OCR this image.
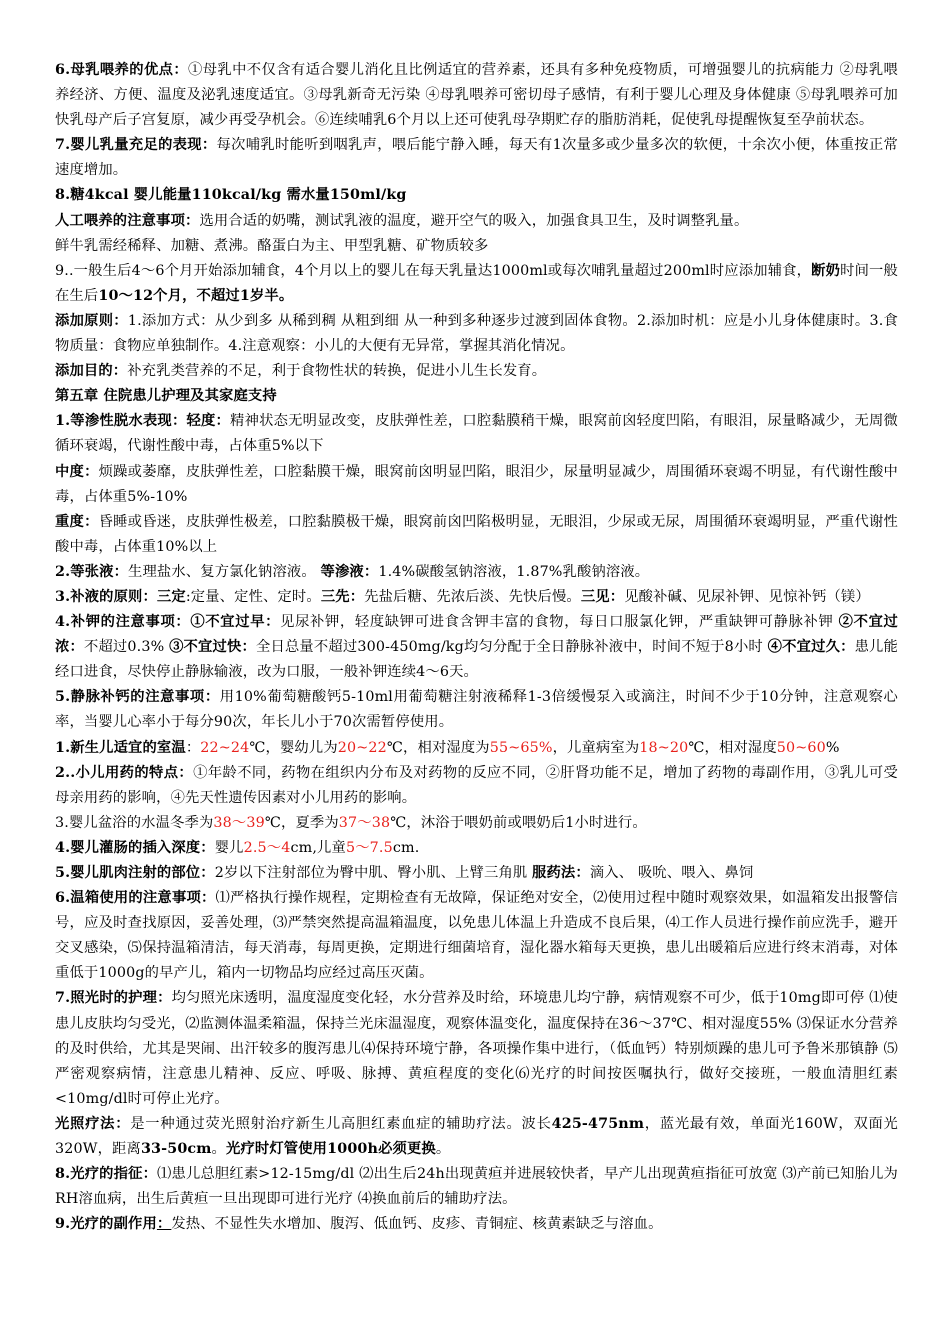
6.母乳喂养的优点：①母乳中不仅含有适合婴儿消化且比例适宜的营养素，还具有多种免疫物质，可增强婴儿的抗病能力 ②母乳喂养经济、方便、温度及泌乳速度适宜。③母乳新奇无污染 ④母乳喂养可密切母子感情，有利于婴儿心理及身体健康 ⑤母乳喂养可加快乳母产后子宫复原，减少再受孕机会。⑥连续哺乳6个月以上还可使乳母孕期贮存的脂肪消耗，促使乳母提醒恢复至孕前状态。
7.婴儿乳量充足的表现：每次哺乳时能听到咽乳声，喂后能宁静入睡，每天有1次量多或少量多次的软便，十余次小便，体重按正常速度增加。
8.糖4kcal 婴儿能量110kcal/kg 需水量150ml/kg
人工喂养的注意事项：选用合适的奶嘴，测试乳液的温度，避开空气的吸入，加强食具卫生，及时调整乳量。
鲜牛乳需经稀释、加糖、煮沸。酪蛋白为主、甲型乳糖、矿物质较多
9..一般生后4～6个月开始添加辅食，4个月以上的婴儿在每天乳量达1000ml或每次哺乳量超过200ml时应添加辅食，断奶时间一般在生后10～12个月，不超过1岁半。
添加原则：1.添加方式：从少到多 从稀到稠 从粗到细 从一种到多种逐步过渡到固体食物。2.添加时机：应是小儿身体健康时。3.食物质量：食物应单独制作。4.注意观察：小儿的大便有无异常，掌握其消化情况。
添加目的：补充乳类营养的不足，利于食物性状的转换，促进小儿生长发育。
第五章 住院患儿护理及其家庭支持
1.等渗性脱水表现：轻度：精神状态无明显改变，皮肤弹性差，口腔黏膜稍干燥，眼窝前囟轻度凹陷，有眼泪，尿量略减少，无周微循环衰竭，代谢性酸中毒，占体重5%以下
中度：烦躁或萎靡，皮肤弹性差，口腔黏膜干燥，眼窝前囟明显凹陷，眼泪少，尿量明显减少，周围循环衰竭不明显，有代谢性酸中毒，占体重5%-10%
重度：昏睡或昏迷，皮肤弹性极差，口腔黏膜极干燥，眼窝前囟凹陷极明显，无眼泪，少尿或无尿，周围循环衰竭明显，严重代谢性酸中毒，占体重10%以上
2.等张液：生理盐水、复方氯化钠溶液。 等渗液：1.4%碳酸氢钠溶液，1.87%乳酸钠溶液。
3.补液的原则：三定:定量、定性、定时。三先：先盐后糖、先浓后淡、先快后慢。三见：见酸补碱、见尿补钾、见惊补钙（镁）
4.补钾的注意事项：①不宜过早：见尿补钾，轻度缺钾可进食含钾丰富的食物，每日口服氯化钾，严重缺钾可静脉补钾 ②不宜过浓：不超过0.3% ③不宜过快：全日总量不超过300-450mg/kg均匀分配于全日静脉补液中，时间不短于8小时 ④不宜过久：患儿能经口进食，尽快停止静脉输液，改为口服，一般补钾连续4～6天。
5.静脉补钙的注意事项：用10%葡萄糖酸钙5-10ml用葡萄糖注射液稀释1-3倍缓慢泵入或滴注，时间不少于10分钟，注意观察心率，当婴儿心率小于每分90次，年长儿小于70次需暂停使用。
1.新生儿适宜的室温：22~24℃，婴幼儿为20~22℃，相对湿度为55~65%，儿童病室为18~20℃，相对湿度50~60%
2..小儿用药的特点：①年龄不同，药物在组织内分布及对药物的反应不同，②肝肾功能不足，增加了药物的毒副作用，③乳儿可受母亲用药的影响，④先天性遗传因素对小儿用药的影响。
3.婴儿盆浴的水温冬季为38～39℃，夏季为37～38℃，沐浴于喂奶前或喂奶后1小时进行。
4.婴儿灌肠的插入深度：婴儿2.5～4cm,儿童5～7.5cm.
5.婴儿肌肉注射的部位：2岁以下注射部位为臀中肌、臀小肌、上臂三角肌 服药法：滴入、 吸吮、喂入、鼻饲
6.温箱使用的注意事项：⑴严格执行操作规程，定期检查有无故障，保证绝对安全，⑵使用过程中随时观察效果，如温箱发出报警信号，应及时查找原因，妥善处理，⑶严禁突然提高温箱温度，以免患儿体温上升造成不良后果，⑷工作人员进行操作前应洗手，避开交叉感染，⑸保持温箱清洁，每天消毒，每周更换，定期进行细菌培育，湿化器水箱每天更换，患儿出暖箱后应进行终末消毒，对体重低于1000g的早产儿，箱内一切物品均应经过高压灭菌。
7.照光时的护理：均匀照光床透明，温度湿度变化轻，水分营养及时给，环境患儿均宁静，病情观察不可少，低于10mg即可停 ⑴使患儿皮肤均匀受光，⑵监测体温柔箱温，保持兰光床温湿度，观察体温变化，温度保持在36～37℃、相对湿度55% ⑶保证水分营养的及时供给，尤其是哭闹、出汗较多的腹泻患儿⑷保持环境宁静，各项操作集中进行，（低血钙）特别烦躁的患儿可予鲁米那镇静 ⑸严密观察病情，注意患儿精神、反应、呼吸、脉搏、黄疸程度的变化⑹光疗的时间按医嘱执行，做好交接班，一般血清胆红素<10mg/dl时可停止光疗。
光照疗法：是一种通过荧光照射治疗新生儿高胆红素血症的辅助疗法。波长425-475nm，蓝光最有效，单面光160W，双面光320W，距离33-50cm。光疗时灯管使用1000h必须更换。
8.光疗的指征：⑴患儿总胆红素>12-15mg/dl ⑵出生后24h出现黄疸并进展较快者，早产儿出现黄疸指征可放宽 ⑶产前已知胎儿为RH溶血病，出生后黄疸一旦出现即可进行光疗 ⑷换血前后的辅助疗法。
9.光疗的副作用：发热、不显性失水增加、腹泻、低血钙、皮疹、青铜症、核黄素缺乏与溶血。
